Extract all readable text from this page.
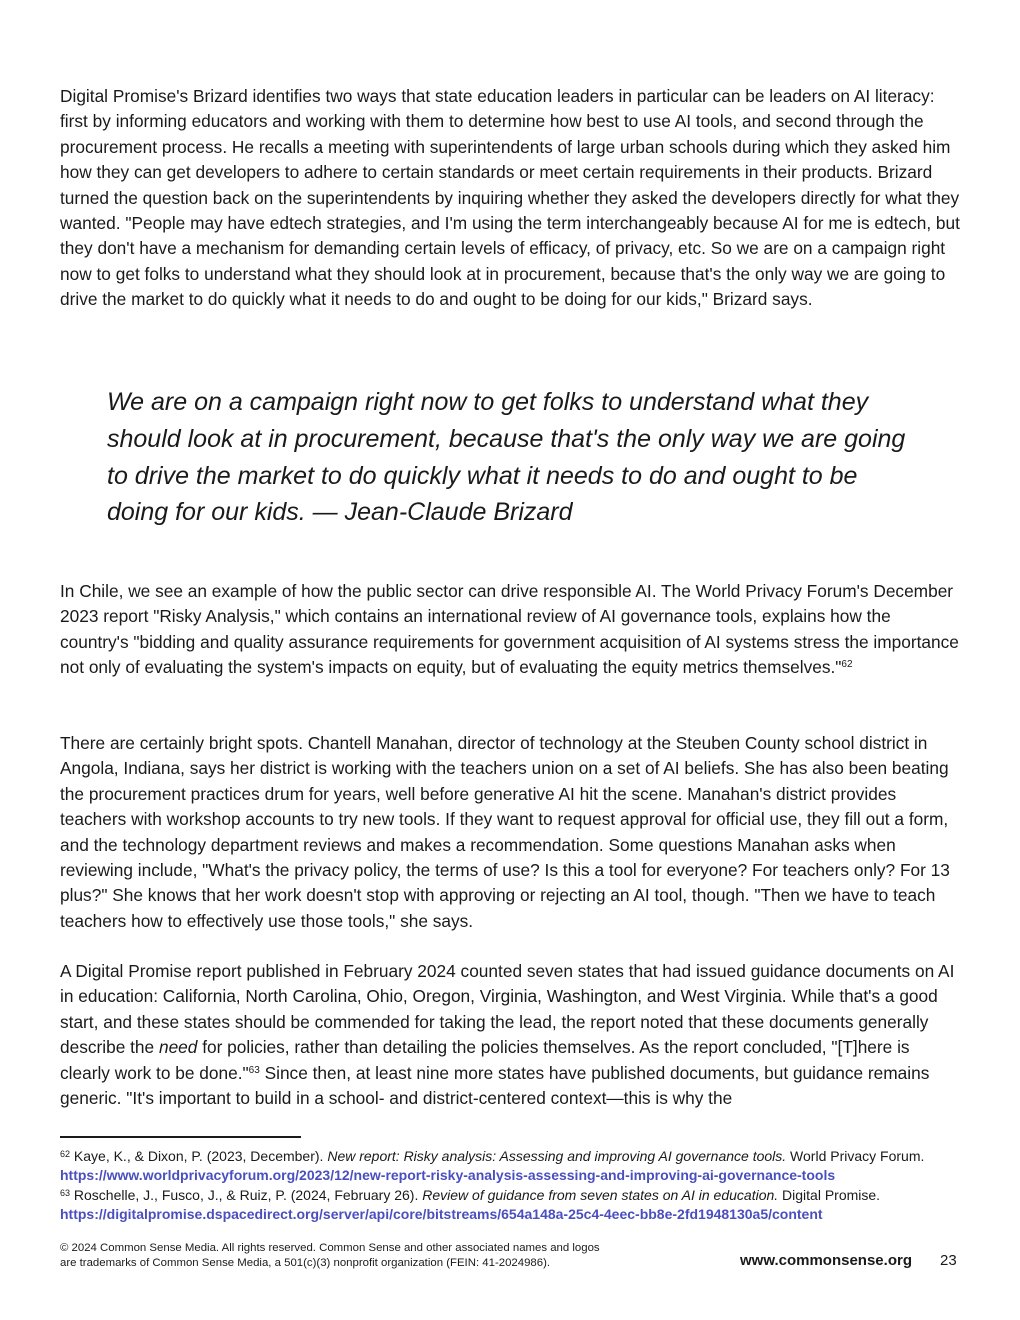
Digital Promise's Brizard identifies two ways that state education leaders in particular can be leaders on AI literacy: first by informing educators and working with them to determine how best to use AI tools, and second through the procurement process. He recalls a meeting with superintendents of large urban schools during which they asked him how they can get developers to adhere to certain standards or meet certain requirements in their products. Brizard turned the question back on the superintendents by inquiring whether they asked the developers directly for what they wanted. "People may have edtech strategies, and I'm using the term interchangeably because AI for me is edtech, but they don't have a mechanism for demanding certain levels of efficacy, of privacy, etc. So we are on a campaign right now to get folks to understand what they should look at in procurement, because that's the only way we are going to drive the market to do quickly what it needs to do and ought to be doing for our kids," Brizard says.

We are on a campaign right now to get folks to understand what they should look at in procurement, because that's the only way we are going to drive the market to do quickly what it needs to do and ought to be doing for our kids. — Jean-Claude Brizard

In Chile, we see an example of how the public sector can drive responsible AI. The World Privacy Forum's December 2023 report "Risky Analysis," which contains an international review of AI governance tools, explains how the country's "bidding and quality assurance requirements for government acquisition of AI systems stress the importance not only of evaluating the system's impacts on equity, but of evaluating the equity metrics themselves."$^{62}$

There are certainly bright spots. Chantell Manahan, director of technology at the Steuben County school district in Angola, Indiana, says her district is working with the teachers union on a set of AI beliefs. She has also been beating the procurement practices drum for years, well before generative AI hit the scene. Manahan's district provides teachers with workshop accounts to try new tools. If they want to request approval for official use, they fill out a form, and the technology department reviews and makes a recommendation. Some questions Manahan asks when reviewing include, "What's the privacy policy, the terms of use? Is this a tool for everyone? For teachers only? For 13 plus?" She knows that her work doesn't stop with approving or rejecting an AI tool, though. "Then we have to teach teachers how to effectively use those tools," she says.

A Digital Promise report published in February 2024 counted seven states that had issued guidance documents on AI in education: California, North Carolina, Ohio, Oregon, Virginia, Washington, and West Virginia. While that's a good start, and these states should be commended for taking the lead, the report noted that these documents generally describe the need for policies, rather than detailing the policies themselves. As the report concluded, "[T]here is clearly work to be done."$^{63}$ Since then, at least nine more states have published documents, but guidance remains generic. "It's important to build in a school- and district-centered context—this is why the

$^{62}$ Kaye, K., & Dixon, P. (2023, December). New report: Risky analysis: Assessing and improving AI governance tools. World Privacy Forum.
https://www.worldprivacyforum.org/2023/12/new-report-risky-analysis-assessing-and-improving-ai-governance-tools
$^{63}$ Roschelle, J., Fusco, J., & Ruiz, P. (2024, February 26). Review of guidance from seven states on AI in education. Digital Promise.
https://digitalpromise.dspacedirect.org/server/api/core/bitstreams/654a148a-25c4-4eec-bb8e-2fd1948130a5/content
© 2024 Common Sense Media. All rights reserved. Common Sense and other associated names and logos
are trademarks of Common Sense Media, a 501(c)(3) nonprofit organization (FEIN: 41-2024986).	www.commonsense.org 23
